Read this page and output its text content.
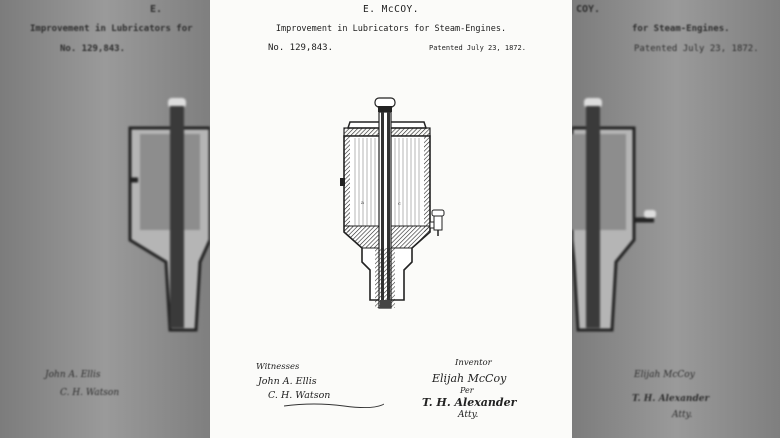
E.
Improvement in Lubricators for
No. 129,843.
John A. Ellis
C. H. Watson
COY.
for Steam-Engines.
Patented July 23, 1872.
Elijah McCoy
T. H. Alexander
Atty.
E. McCOY.
Improvement in Lubricators for Steam-Engines.
No. 129,843.	Patented July 23, 1872.
a	c
Witnesses
John A. Ellis
C. H. Watson
Inventor
Elijah McCoy
Per
T. H. Alexander
Atty.
